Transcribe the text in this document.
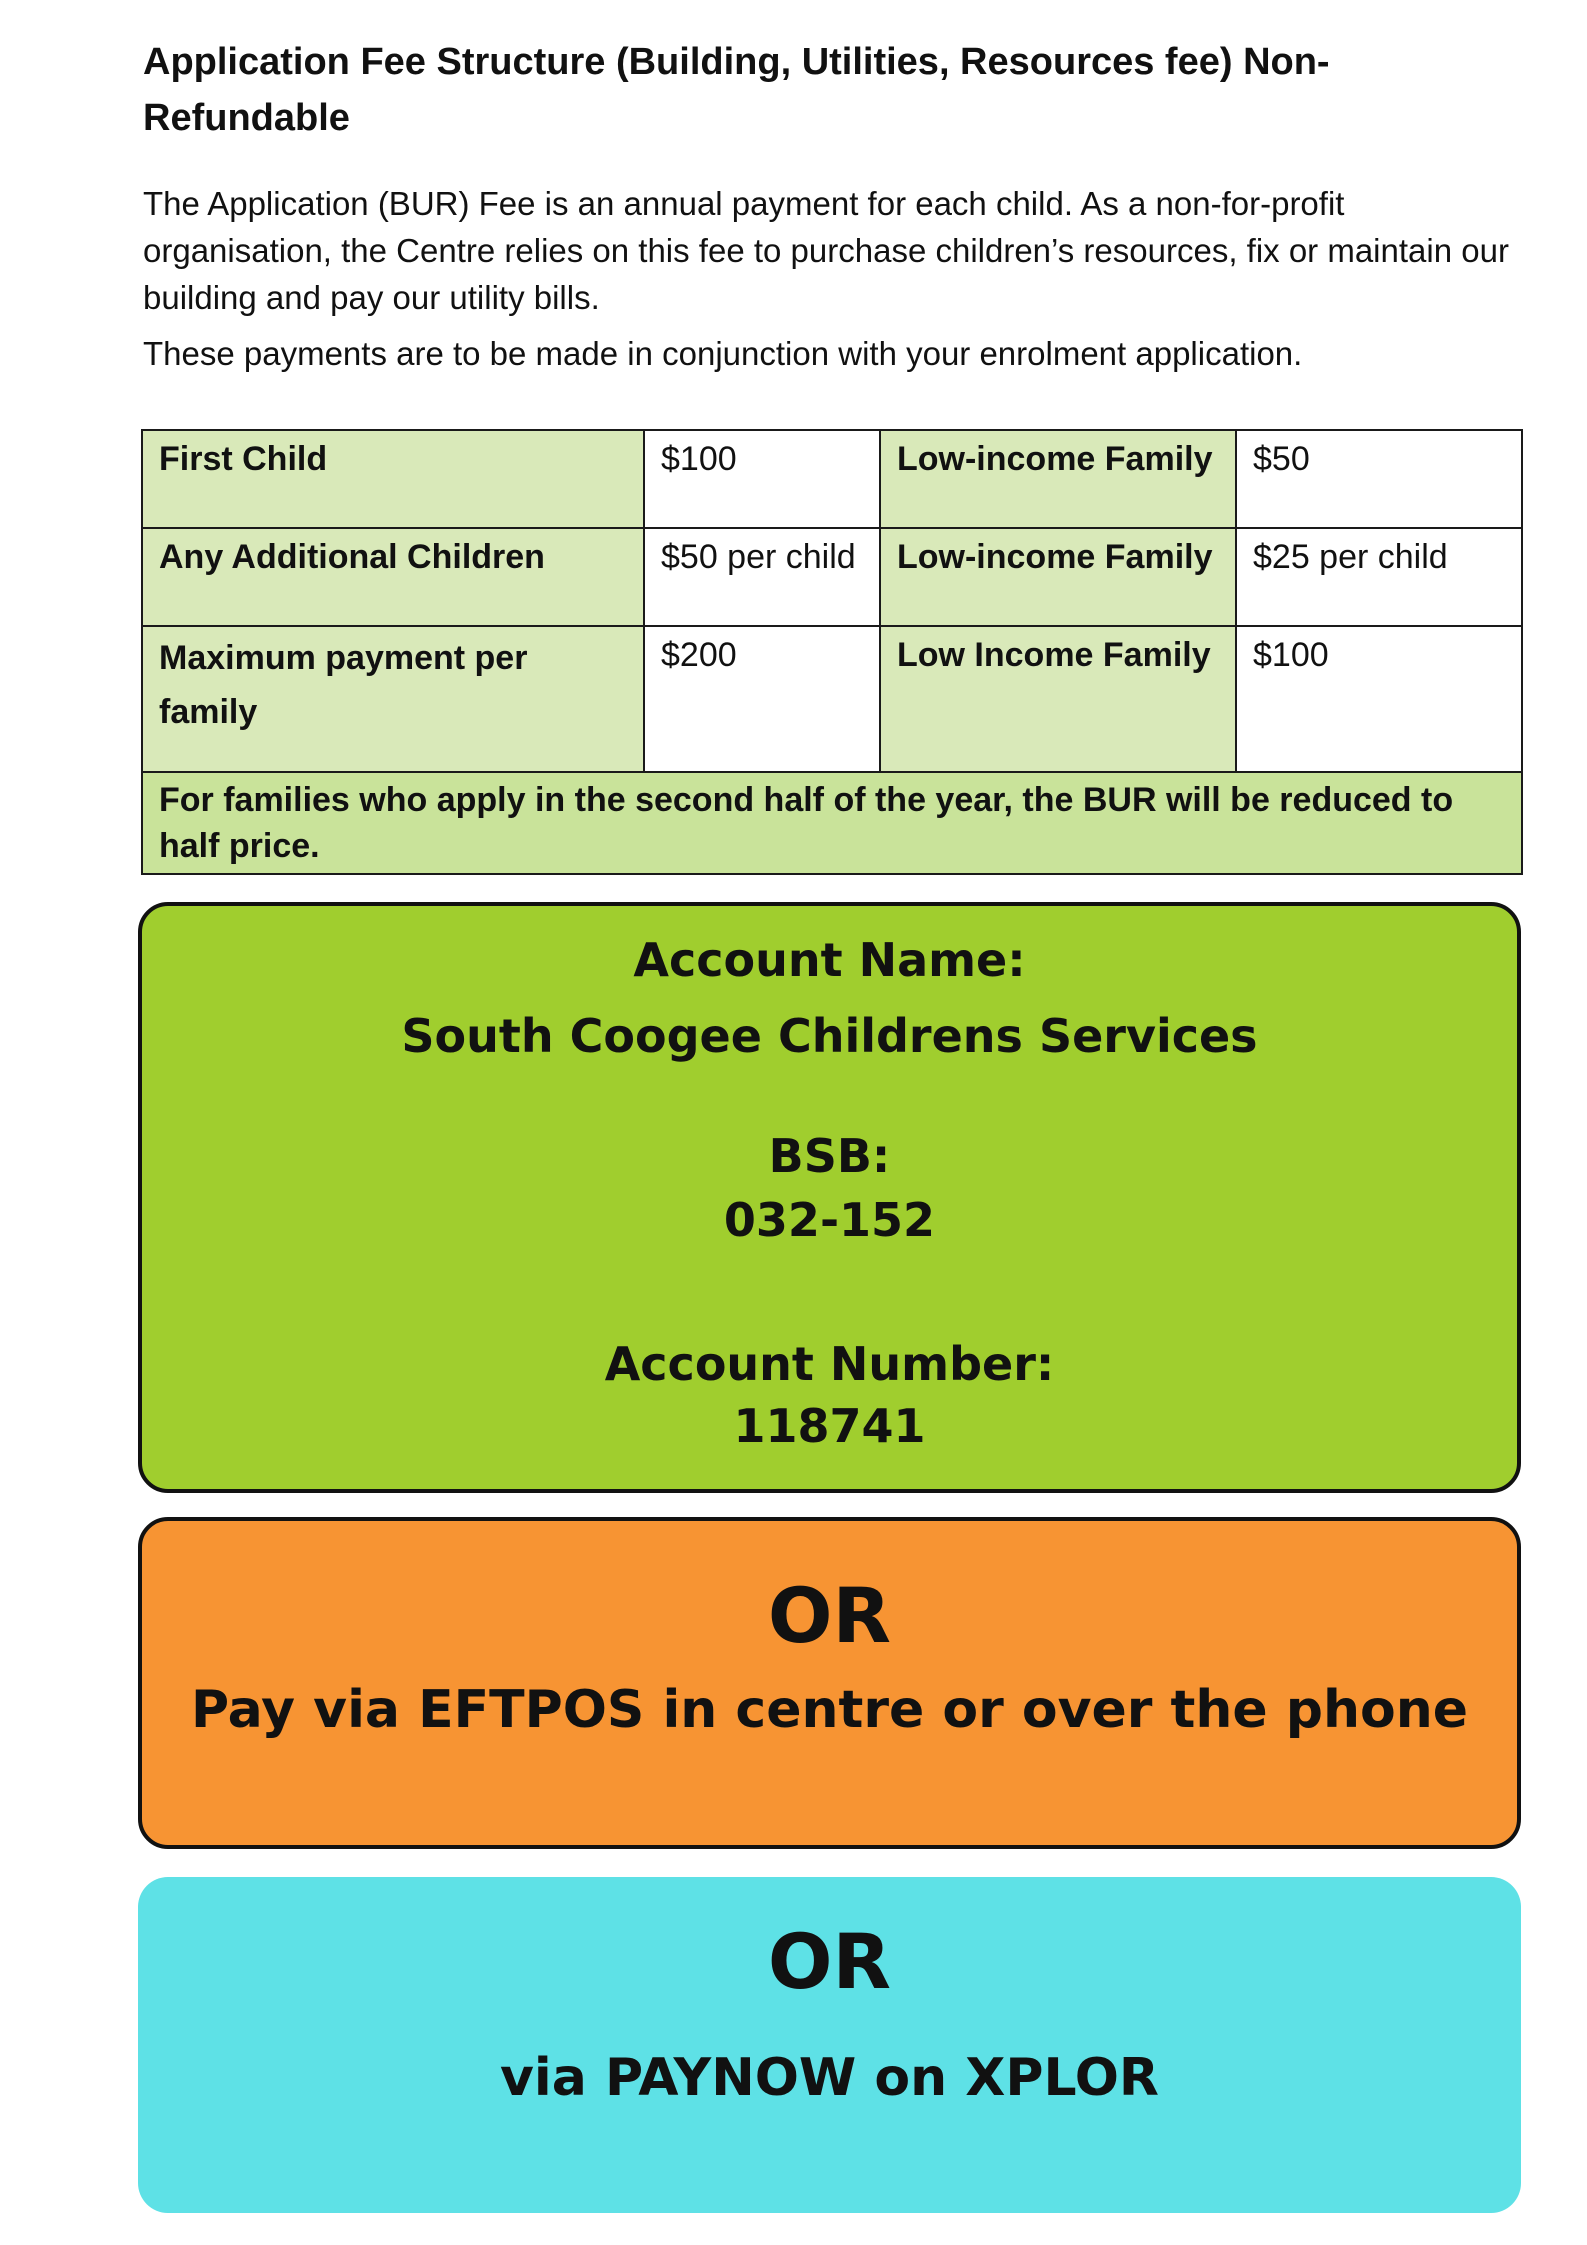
Application Fee Structure (Building, Utilities, Resources fee) Non-Refundable

The Application (BUR) Fee is an annual payment for each child. As a non-for-profit organisation, the Centre relies on this fee to purchase children’s resources, fix or maintain our building and pay our utility bills.

These payments are to be made in conjunction with your enrolment application.

First Child	$100	Low-income Family	$50
Any Additional Children	$50 per child	Low-income Family	$25 per child
Maximum payment per family	$200	Low Income Family	$100
For families who apply in the second half of the year, the BUR will be reduced to half price.			
Account Name:
South Coogee Childrens Services
BSB:
032-152
Account Number:
118741
OR
Pay via EFTPOS in centre or over the phone
OR
via PAYNOW on XPLOR
